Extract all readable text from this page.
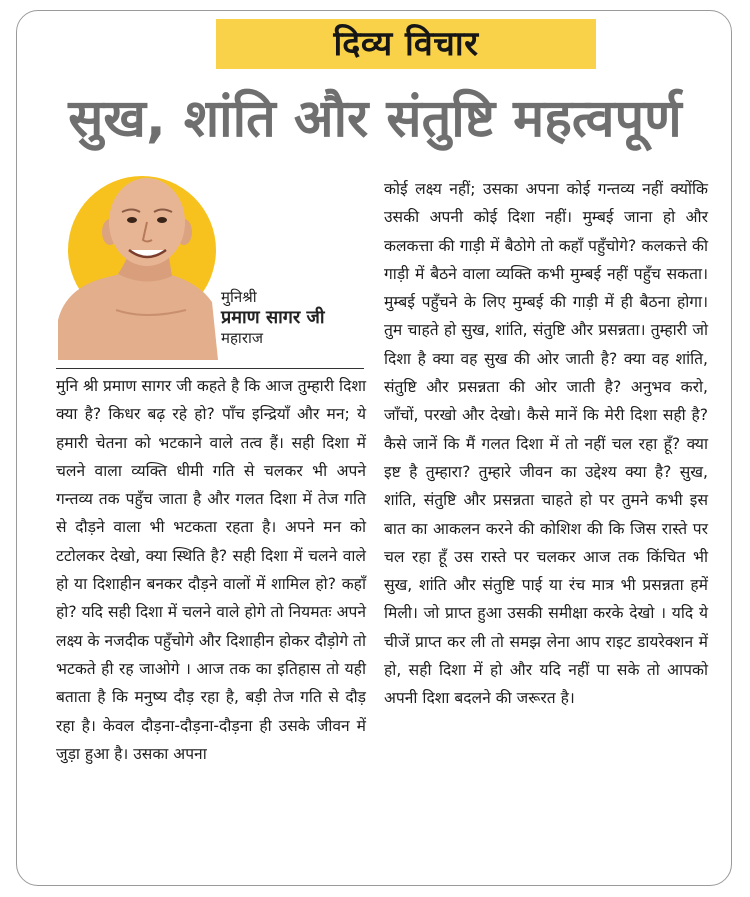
दिव्य विचार
सुख, शांति और संतुष्टि महत्वपूर्ण
मुनिश्री
प्रमाण सागर जी
महाराज
मुनि श्री प्रमाण सागर जी कहते है कि आज तुम्हारी दिशा क्या है? किधर बढ़ रहे हो? पाँच इन्द्रियाँ और मन; ये हमारी चेतना को भटकाने वाले तत्व हैं। सही दिशा में चलने वाला व्यक्ति धीमी गति से चलकर भी अपने गन्तव्य तक पहुँच जाता है और गलत दिशा में तेज गति से दौड़ने वाला भी भटकता रहता है। अपने मन को टटोलकर देखो, क्या स्थिति है? सही दिशा में चलने वाले हो या दिशाहीन बनकर दौड़ने वालों में शामिल हो? कहाँ हो? यदि सही दिशा में चलने वाले होगे तो नियमतः अपने लक्ष्य के नजदीक पहुँचोगे और दिशाहीन होकर दौड़ोगे तो भटकते ही रह जाओगे । आज तक का इतिहास तो यही बताता है कि मनुष्य दौड़ रहा है, बड़ी तेज गति से दौड़ रहा है। केवल दौड़ना-दौड़ना-दौड़ना ही उसके जीवन में जुड़ा हुआ है। उसका अपना
कोई लक्ष्य नहीं; उसका अपना कोई गन्तव्य नहीं क्योंकि उसकी अपनी कोई दिशा नहीं। मुम्बई जाना हो और कलकत्ता की गाड़ी में बैठोगे तो कहाँ पहुँचोगे? कलकत्ते की गाड़ी में बैठने वाला व्यक्ति कभी मुम्बई नहीं पहुँच सकता। मुम्बई पहुँचने के लिए मुम्बई की गाड़ी में ही बैठना होगा। तुम चाहते हो सुख, शांति, संतुष्टि और प्रसन्नता। तुम्हारी जो दिशा है क्या वह सुख की ओर जाती है? क्या वह शांति, संतुष्टि और प्रसन्नता की ओर जाती है? अनुभव करो, जाँचों, परखो और देखो। कैसे मानें कि मेरी दिशा सही है? कैसे जानें कि मैं गलत दिशा में तो नहीं चल रहा हूँ? क्या इष्ट है तुम्हारा? तुम्हारे जीवन का उद्देश्य क्या है? सुख, शांति, संतुष्टि और प्रसन्नता चाहते हो पर तुमने कभी इस बात का आकलन करने की कोशिश की कि जिस रास्ते पर चल रहा हूँ उस रास्ते पर चलकर आज तक किंचित भी सुख, शांति और संतुष्टि पाई या रंच मात्र भी प्रसन्नता हमें मिली। जो प्राप्त हुआ उसकी समीक्षा करके देखो । यदि ये चीजें प्राप्त कर ली तो समझ लेना आप राइट डायरेक्शन में हो, सही दिशा में हो और यदि नहीं पा सके तो आपको अपनी दिशा बदलने की जरूरत है।
